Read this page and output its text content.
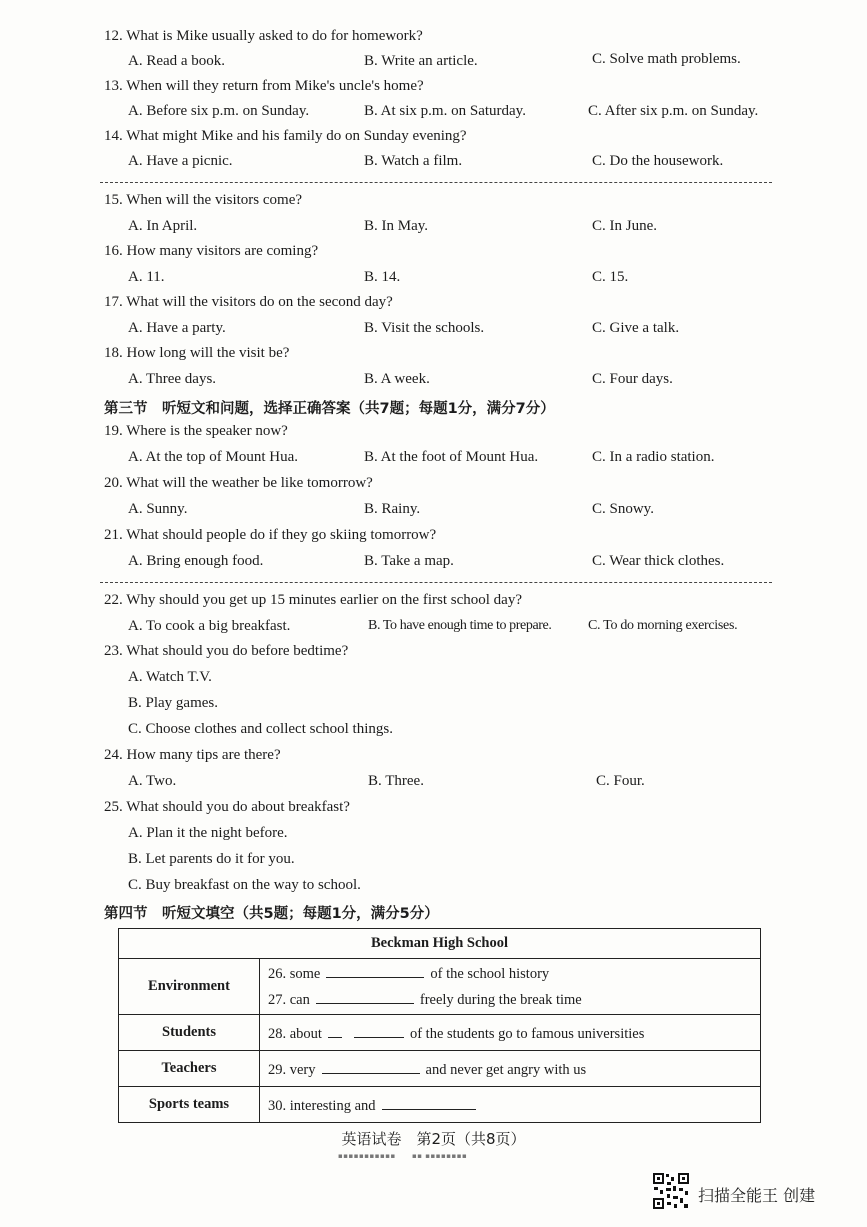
12. What is Mike usually asked to do for homework?
A. Read a book.	B. Write an article.	C. Solve math problems.
13. When will they return from Mike's uncle's home?
A. Before six p.m. on Sunday.	B. At six p.m. on Saturday.	C. After six p.m. on Sunday.
14. What might Mike and his family do on Sunday evening?
A. Have a picnic.	B. Watch a film.	C. Do the housework.
15. When will the visitors come?
A. In April.	B. In May.	C. In June.
16. How many visitors are coming?
A. 11.	B. 14.	C. 15.
17. What will the visitors do on the second day?
A. Have a party.	B. Visit the schools.	C. Give a talk.
18. How long will the visit be?
A. Three days.	B. A week.	C. Four days.
第三节　听短文和问题，选择正确答案（共7题；每题1分，满分7分）
19. Where is the speaker now?
A. At the top of Mount Hua.	B. At the foot of Mount Hua.	C. In a radio station.
20. What will the weather be like tomorrow?
A. Sunny.	B. Rainy.	C. Snowy.
21. What should people do if they go skiing tomorrow?
A. Bring enough food.	B. Take a map.	C. Wear thick clothes.
22. Why should you get up 15 minutes earlier on the first school day?
A. To cook a big breakfast.	B. To have enough time to prepare.	C. To do morning exercises.
23. What should you do before bedtime?
A. Watch T.V.
B. Play games.
C. Choose clothes and collect school things.
24. How many tips are there?
A. Two.	B. Three.	C. Four.
25. What should you do about breakfast?
A. Plan it the night before.
B. Let parents do it for you.
C. Buy breakfast on the way to school.
第四节　听短文填空（共5题；每题1分，满分5分）
Beckman High School	
Environment	26. some of the school history
27. can freely during the break time

Students	28. about of the students go to famous universities
Teachers	29. very and never get angry with us
Sports teams	30. interesting and
英语试卷　第2页（共8页）
▪▪▪▪▪▪▪▪▪▪▪      ▪▪ ▪▪▪▪▪▪▪▪
扫描全能王 创建
